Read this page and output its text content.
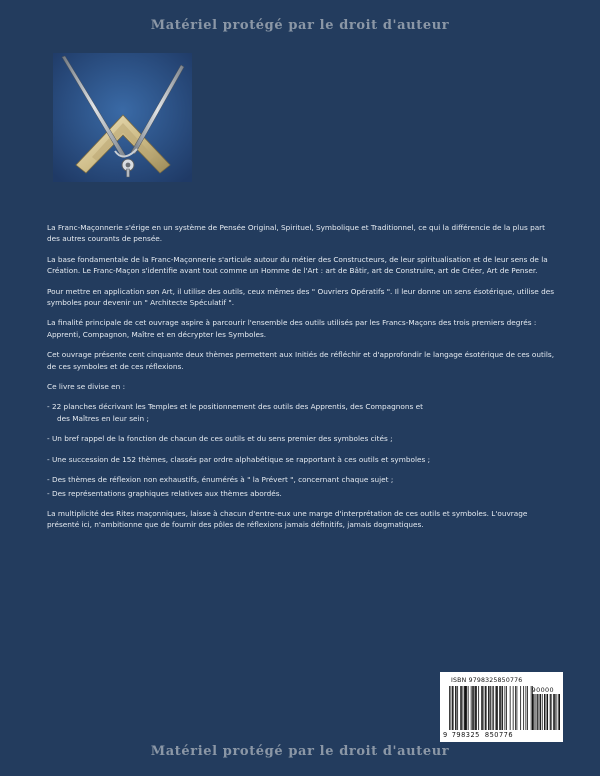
Matériel protégé par le droit d'auteur

La Franc-Maçonnerie s'érige en un système de Pensée Original, Spirituel, Symbolique et Traditionnel, ce qui la différencie de la plus part des autres courants de pensée.

La base fondamentale de la Franc-Maçonnerie s'articule autour du métier des Constructeurs, de leur spiritualisation et de leur sens de la Création. Le Franc-Maçon s'identifie avant tout comme un Homme de l'Art : art de Bâtir, art de Construire, art de Créer, Art de Penser.

Pour mettre en application son Art, il utilise des outils, ceux mêmes des " Ouvriers Opératifs ". Il leur donne un sens ésotérique, utilise des symboles pour devenir un " Architecte Spéculatif ".

La finalité principale de cet ouvrage aspire à parcourir l'ensemble des outils utilisés par les Francs-Maçons des trois premiers degrés : Apprenti, Compagnon, Maître et en décrypter les Symboles.

Cet ouvrage présente cent cinquante deux thèmes permettent aux Initiés de réfléchir et d'approfondir le langage ésotérique de ces outils, de ces symboles et de ces réflexions.

Ce livre se divise en :

- 22 planches décrivant les Temples et le positionnement des outils des Apprentis, des Compagnons et
des Maîtres en leur sein ;

- Un bref rappel de la fonction de chacun de ces outils et du sens premier des symboles cités ;

- Une succession de 152 thèmes, classés par ordre alphabétique se rapportant à ces outils et symboles ;

- Des thèmes de réflexion non exhaustifs, énumérés à " la Prévert ", concernant chaque sujet ;

- Des représentations graphiques relatives aux thèmes abordés.

La multiplicité des Rites maçonniques, laisse à chacun d'entre-eux une marge d'interprétation de ces outils et symboles. L'ouvrage présenté ici, n'ambitionne que de fournir des pôles de réflexions jamais définitifs, jamais dogmatiques.

ISBN 9798325850776
90000
9 798325 850776
Matériel protégé par le droit d'auteur
